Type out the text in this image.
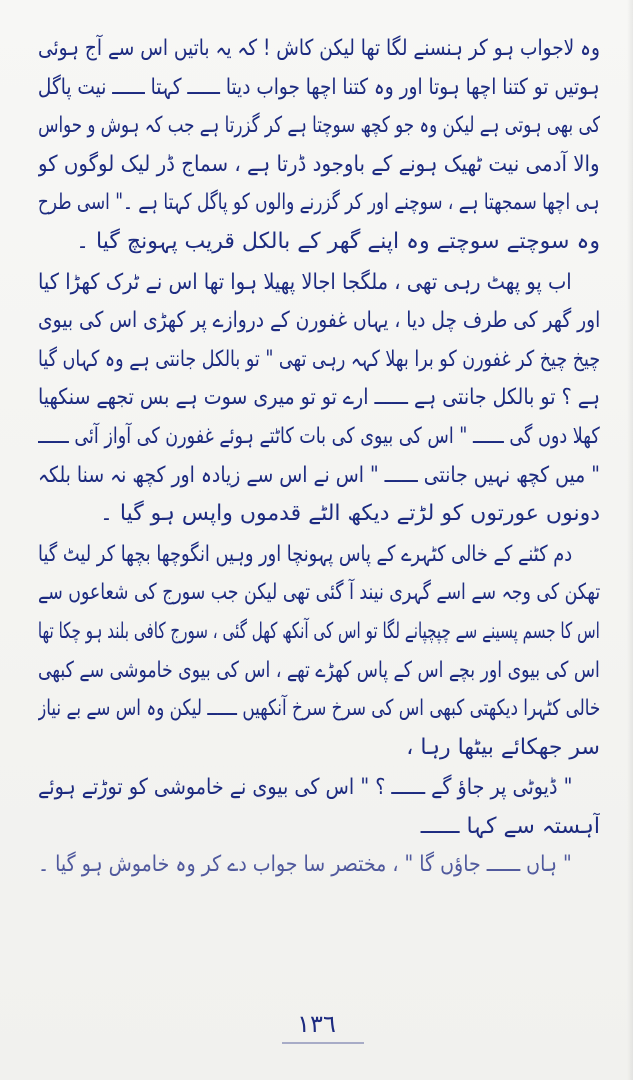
وہ لاجواب ہو کر ہنسنے لگا تھا لیکن کاش ! کہ یہ باتیں اس سے آج ہوئی
ہوتیں تو کتنا اچھا ہوتا اور وہ کتنا اچھا جواب دیتا ــــــ کہتا ــــــ نیت پاگل
کی بھی ہوتی ہے لیکن وہ جو کچھ سوچتا ہے کر گزرتا ہے جب کہ ہوش و حواس
والا آدمی نیت ٹھیک ہونے کے باوجود ڈرتا ہے ، سماج ڈر لیک لوگوں کو
ہی اچھا سمجھتا ہے ، سوچنے اور کر گزرنے والوں کو پاگل کہتا ہے ۔" اسی طرح
وہ سوچتے سوچتے وہ اپنے گھر کے بالکل قریب پہونچ گیا ۔
اب پو پھٹ رہی تھی ، ملگجا اجالا پھیلا ہوا تھا اس نے ٹرک کھڑا کیا
اور گھر کی طرف چل دیا ، یہاں غفورن کے دروازے پر کھڑی اس کی بیوی
چیخ چیخ کر غفورن کو برا بھلا کہہ رہی تھی " تو بالکل جانتی ہے وہ کہاں گیا
ہے ؟ تو بالکل جانتی ہے ــــــ ارے تو تو میری سوت ہے بس تجھے سنکھیا
کھلا دوں گی ــــــ " اس کی بیوی کی بات کاٹتے ہوئے غفورن کی آواز آئی ــــــ
" میں کچھ نہیں جانتی ــــــ " اس نے اس سے زیادہ اور کچھ نہ سنا بلکہ
دونوں عورتوں کو لڑتے دیکھ الٹے قدموں واپس ہو گیا ۔
دم کٹنے کے خالی کٹہرے کے پاس پہونچا اور وہیں انگوچھا بچھا کر لیٹ گیا
تھکن کی وجہ سے اسے گہری نیند آ گئی تھی لیکن جب سورج کی شعاعوں سے
اس کا جسم پسینے سے چپچپانے لگا تو اس کی آنکھ کھل گئی ، سورج کافی بلند ہو چکا تھا
اس کی بیوی اور بچے اس کے پاس کھڑے تھے ، اس کی بیوی خاموشی سے کبھی
خالی کٹہرا دیکھتی کبھی اس کی سرخ سرخ آنکھیں ــــــ لیکن وہ اس سے بے نیاز
سر جھکائے بیٹھا رہا ،
" ڈیوٹی پر جاؤ گے ــــــ ؟ " اس کی بیوی نے خاموشی کو توڑتے ہوئے
آہستہ سے کہا ــــــ
" ہاں ــــــ جاؤں گا " ، مختصر سا جواب دے کر وہ خاموش ہو گیا ۔
١٣٦
